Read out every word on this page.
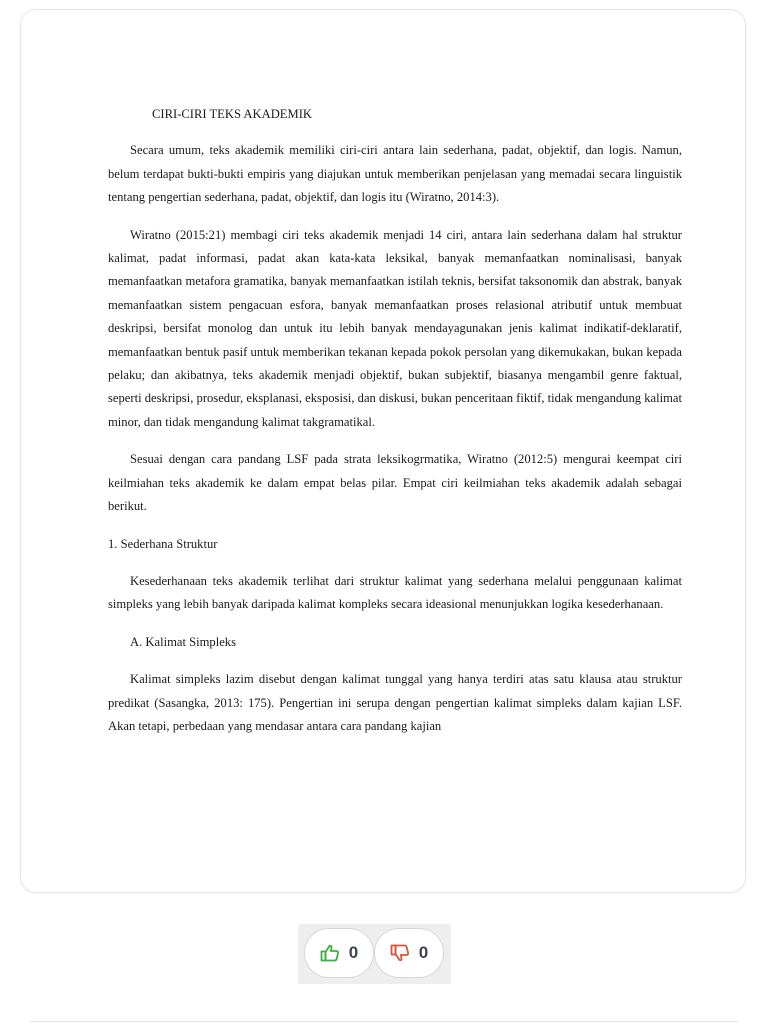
CIRI-CIRI TEKS AKADEMIK

Secara umum, teks akademik memiliki ciri-ciri antara lain sederhana, padat, objektif, dan logis. Namun, belum terdapat bukti-bukti empiris yang diajukan untuk memberikan penjelasan yang memadai secara linguistik tentang pengertian sederhana, padat, objektif, dan logis itu (Wiratno, 2014:3).

Wiratno (2015:21) membagi ciri teks akademik menjadi 14 ciri, antara lain sederhana dalam hal struktur kalimat, padat informasi, padat akan kata-kata leksikal, banyak memanfaatkan nominalisasi, banyak memanfaatkan metafora gramatika, banyak memanfaatkan istilah teknis, bersifat taksonomik dan abstrak, banyak memanfaatkan sistem pengacuan esfora, banyak memanfaatkan proses relasional atributif untuk membuat deskripsi, bersifat monolog dan untuk itu lebih banyak mendayagunakan jenis kalimat indikatif-deklaratif, memanfaatkan bentuk pasif untuk memberikan tekanan kepada pokok persolan yang dikemukakan, bukan kepada pelaku; dan akibatnya, teks akademik menjadi objektif, bukan subjektif, biasanya mengambil genre faktual, seperti deskripsi, prosedur, eksplanasi, eksposisi, dan diskusi, bukan penceritaan fiktif, tidak mengandung kalimat minor, dan tidak mengandung kalimat takgramatikal.

Sesuai dengan cara pandang LSF pada strata leksikogrmatika, Wiratno (2012:5) mengurai keempat ciri keilmiahan teks akademik ke dalam empat belas pilar. Empat ciri keilmiahan teks akademik adalah sebagai berikut.

1. Sederhana Struktur

Kesederhanaan teks akademik terlihat dari struktur kalimat yang sederhana melalui penggunaan kalimat simpleks yang lebih banyak daripada kalimat kompleks secara ideasional menunjukkan logika kesederhanaan.

A. Kalimat Simpleks

Kalimat simpleks lazim disebut dengan kalimat tunggal yang hanya terdiri atas satu klausa atau struktur predikat (Sasangka, 2013: 175). Pengertian ini serupa dengan pengertian kalimat simpleks dalam kajian LSF. Akan tetapi, perbedaan yang mendasar antara cara pandang kajian

0	0
